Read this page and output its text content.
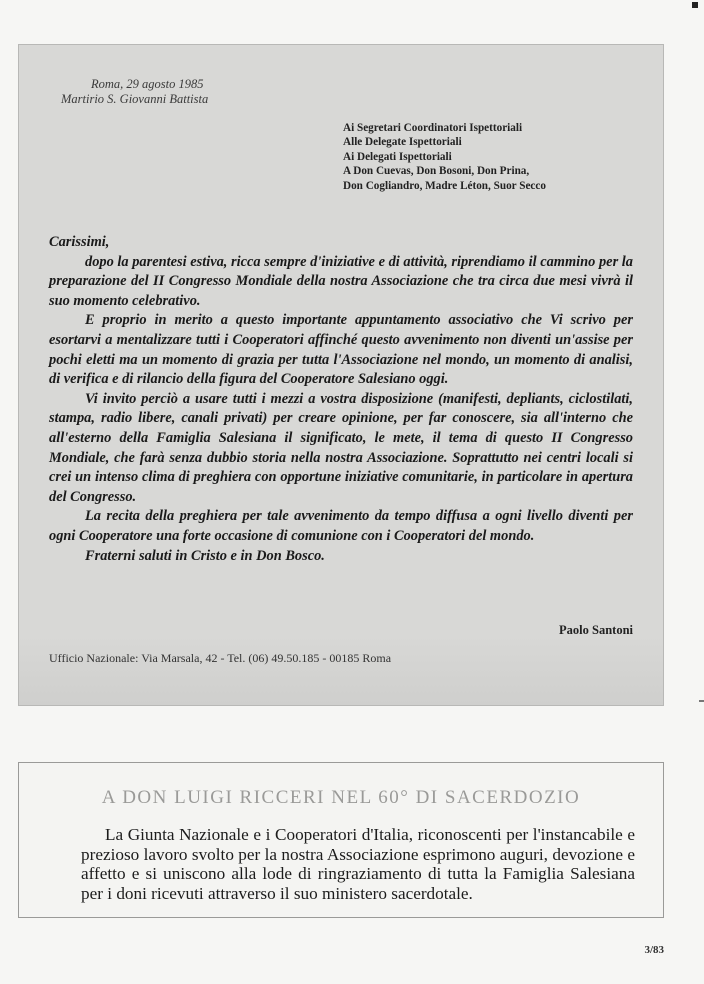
Roma, 29 agosto 1985
Martirio S. Giovanni Battista
Ai Segretari Coordinatori Ispettoriali
Alle Delegate Ispettoriali
Ai Delegati Ispettoriali
A Don Cuevas, Don Bosoni, Don Prina,
Don Cogliandro, Madre Léton, Suor Secco

Carissimi,

dopo la parentesi estiva, ricca sempre d'iniziative e di attività, riprendiamo il cammino per la preparazione del II Congresso Mondiale della nostra Associazione che tra circa due mesi vivrà il suo momento celebrativo.

E proprio in merito a questo importante appuntamento associativo che Vi scrivo per esortarvi a mentalizzare tutti i Cooperatori affinché questo avvenimento non diventi un'assise per pochi eletti ma un momento di grazia per tutta l'Associazione nel mondo, un momento di analisi, di verifica e di rilancio della figura del Cooperatore Salesiano oggi.

Vi invito perciò a usare tutti i mezzi a vostra disposizione (manifesti, depliants, ciclostilati, stampa, radio libere, canali privati) per creare opinione, per far conoscere, sia all'interno che all'esterno della Famiglia Salesiana il significato, le mete, il tema di questo II Congresso Mondiale, che farà senza dubbio storia nella nostra Associazione. Soprattutto nei centri locali si crei un intenso clima di preghiera con opportune iniziative comunitarie, in particolare in apertura del Congresso.

La recita della preghiera per tale avvenimento da tempo diffusa a ogni livello diventi per ogni Cooperatore una forte occasione di comunione con i Cooperatori del mondo.

Fraterni saluti in Cristo e in Don Bosco.

Paolo Santoni
Ufficio Nazionale: Via Marsala, 42 - Tel. (06) 49.50.185 - 00185 Roma
A DON LUIGI RICCERI NEL 60° DI SACERDOZIO

La Giunta Nazionale e i Cooperatori d'Italia, riconoscenti per l'instancabile e prezioso lavoro svolto per la nostra Associazione esprimono auguri, devozione e affetto e si uniscono alla lode di ringraziamento di tutta la Famiglia Salesiana per i doni ricevuti attraverso il suo ministero sacerdotale.

3/83
